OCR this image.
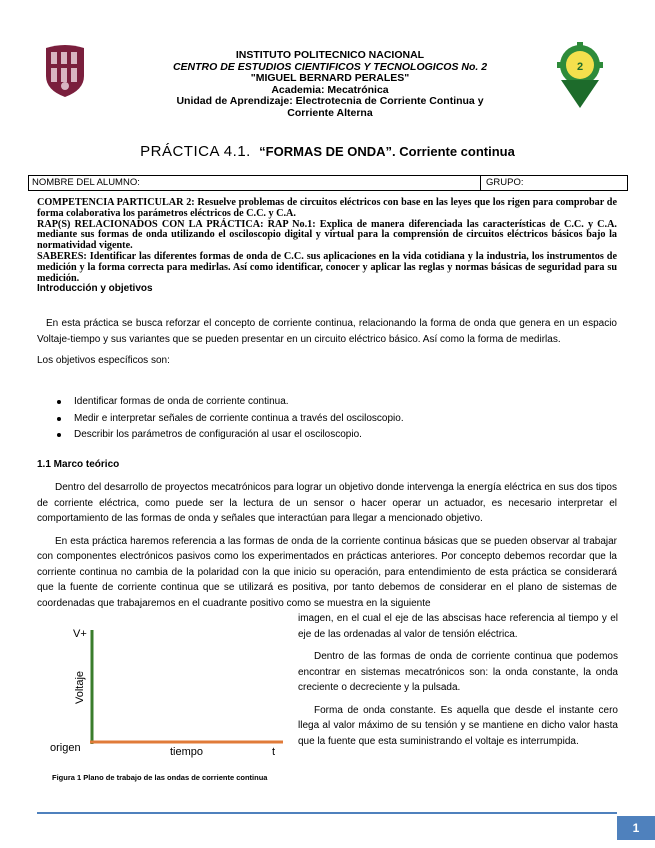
2
INSTITUTO POLITECNICO NACIONAL
CENTRO DE ESTUDIOS CIENTIFICOS Y TECNOLOGICOS No. 2
"MIGUEL BERNARD PERALES"
Academia: Mecatrónica
Unidad de Aprendizaje: Electrotecnia de Corriente Continua y
Corriente Alterna
PRÁCTICA 4.1. “FORMAS DE ONDA”. Corriente continua
NOMBRE DEL ALUMNO:	GRUPO:

COMPETENCIA PARTICULAR 2: Resuelve problemas de circuitos eléctricos con base en las leyes que los rigen para comprobar de forma colaborativa los parámetros eléctricos de C.C. y C.A.

RAP(S) RELACIONADOS CON LA PRÁCTICA: RAP No.1: Explica de manera diferenciada las características de C.C. y C.A. mediante sus formas de onda utilizando el osciloscopio digital y virtual para la comprensión de circuitos eléctricos básicos bajo la normatividad vigente.

SABERES: Identificar las diferentes formas de onda de C.C. sus aplicaciones en la vida cotidiana y la industria, los instrumentos de medición y la forma correcta para medirlas. Así como identificar, conocer y aplicar las reglas y normas básicas de seguridad para su medición.

Introducción y objetivos

En esta práctica se busca reforzar el concepto de corriente continua, relacionando la forma de onda que genera en un espacio Voltaje-tiempo y sus variantes que se pueden presentar en un circuito eléctrico básico. Así como la forma de medirlas.

Los objetivos específicos son:

Identificar formas de onda de corriente continua.
Medir e interpretar señales de corriente continua a través del osciloscopio.
Describir los parámetros de configuración al usar el osciloscopio.
1.1 Marco teórico

Dentro del desarrollo de proyectos mecatrónicos para lograr un objetivo donde intervenga la energía eléctrica en sus dos tipos de corriente eléctrica, como puede ser la lectura de un sensor o hacer operar un actuador, es necesario interpretar el comportamiento de las formas de onda y señales que interactúan para llegar a mencionado objetivo.

En esta práctica haremos referencia a las formas de onda de la corriente continua básicas que se pueden observar al trabajar con componentes electrónicos pasivos como los experimentados en prácticas anteriores. Por concepto debemos recordar que la corriente continua no cambia de la polaridad con la que inicio su operación, para entendimiento de esta práctica se considerará que la fuente de corriente continua que se utilizará es positiva, por tanto debemos de considerar en el plano de sistemas de coordenadas que trabajaremos en el cuadrante positivo como se muestra en la siguiente

imagen, en el cual el eje de las abscisas hace referencia al tiempo y el eje de las ordenadas al valor de tensión eléctrica.

Dentro de las formas de onda de corriente continua que podemos encontrar en sistemas mecatrónicos son: la onda constante, la onda creciente o decreciente y la pulsada.

Forma de onda constante. Es aquella que desde el instante cero llega al valor máximo de su tensión y se mantiene en dicho valor hasta que la fuente que esta suministrando el voltaje es interrumpida.

V+
Voltaje
origen	tiempo	t
Figura 1 Plano de trabajo de las ondas de corriente continua
1
